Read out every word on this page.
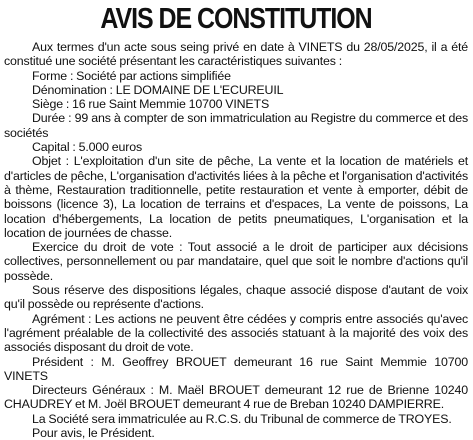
AVIS DE CONSTITUTION

Aux termes d'un acte sous seing privé en date à VINETS du 28/05/2025, il a été constitué une société présentant les caractéristiques suivantes :

Forme : Société par actions simplifiée

Dénomination : LE DOMAINE DE L'ECUREUIL

Siège : 16 rue Saint Memmie 10700 VINETS

Durée : 99 ans à compter de son immatriculation au Registre du commerce et des sociétés

Capital : 5.000 euros

Objet : L'exploitation d'un site de pêche, La vente et la location de matériels et d'articles de pêche, L'organisation d'activités liées à la pêche et l'organisation d'activités à thème, Restauration traditionnelle, petite restauration et vente à emporter, débit de boissons (licence 3), La location de terrains et d'espaces, La vente de poissons, La location d'hébergements, La location de petits pneumatiques, L'organisation et la location de journées de chasse.

Exercice du droit de vote : Tout associé a le droit de participer aux décisions collectives, personnellement ou par mandataire, quel que soit le nombre d'actions qu'il possède.

Sous réserve des dispositions légales, chaque associé dispose d'autant de voix qu'il possède ou représente d'actions.

Agrément : Les actions ne peuvent être cédées y compris entre associés qu'avec l'agrément préalable de la collectivité des associés statuant à la majorité des voix des associés disposant du droit de vote.

Président : M. Geoffrey BROUET demeurant 16 rue Saint Memmie 10700 VINETS

Directeurs Généraux : M. Maël BROUET demeurant 12 rue de Brienne 10240 CHAUDREY et M. Joël BROUET demeurant 4 rue de Breban 10240 DAMPIERRE.

La Société sera immatriculée au R.C.S. du Tribunal de commerce de TROYES.

Pour avis, le Président.
